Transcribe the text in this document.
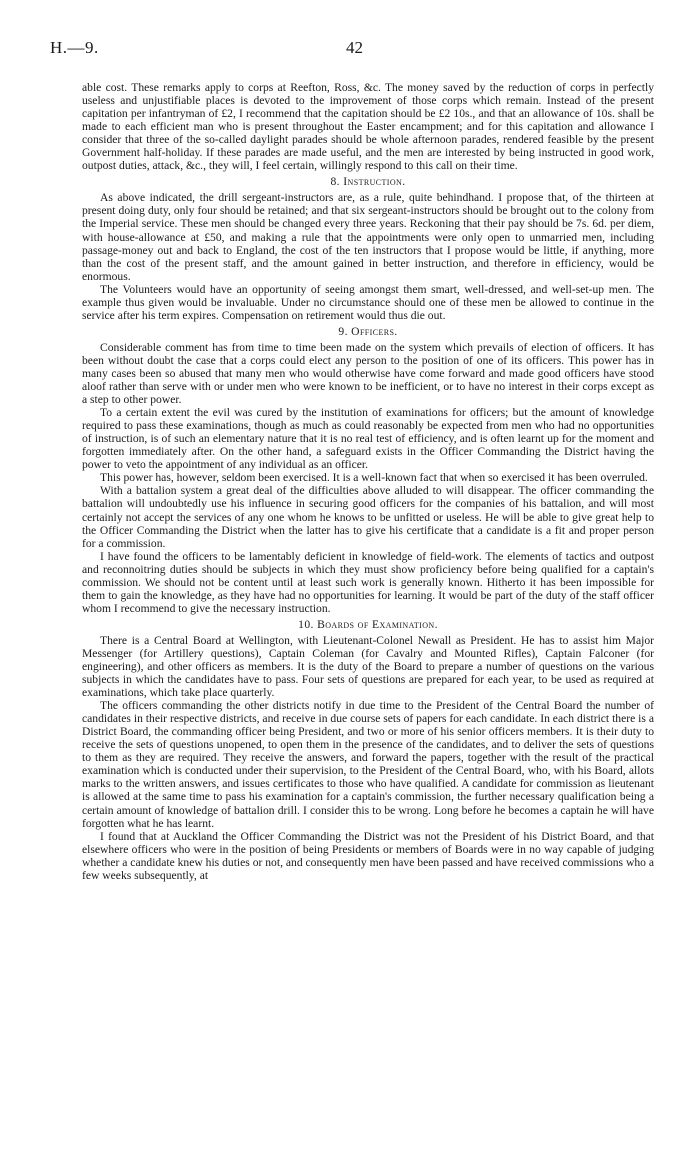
H.—9.	42

able cost. These remarks apply to corps at Reefton, Ross, &c. The money saved by the reduction of corps in perfectly useless and unjustifiable places is devoted to the improvement of those corps which remain. Instead of the present capitation per infantryman of £2, I recommend that the capitation should be £2 10s., and that an allowance of 10s. shall be made to each efficient man who is present throughout the Easter encampment; and for this capitation and allowance I consider that three of the so-called daylight parades should be whole afternoon parades, rendered feasible by the present Government half-holiday. If these parades are made useful, and the men are interested by being instructed in good work, outpost duties, attack, &c., they will, I feel certain, willingly respond to this call on their time.

8. Instruction.

As above indicated, the drill sergeant-instructors are, as a rule, quite behindhand. I propose that, of the thirteen at present doing duty, only four should be retained; and that six sergeant-instructors should be brought out to the colony from the Imperial service. These men should be changed every three years. Reckoning that their pay should be 7s. 6d. per diem, with house-allowance at £50, and making a rule that the appointments were only open to unmarried men, including passage-money out and back to England, the cost of the ten instructors that I propose would be little, if anything, more than the cost of the present staff, and the amount gained in better instruction, and therefore in efficiency, would be enormous.

The Volunteers would have an opportunity of seeing amongst them smart, well-dressed, and well-set-up men. The example thus given would be invaluable. Under no circumstance should one of these men be allowed to continue in the service after his term expires. Compensation on retirement would thus die out.

9. Officers.

Considerable comment has from time to time been made on the system which prevails of election of officers. It has been without doubt the case that a corps could elect any person to the position of one of its officers. This power has in many cases been so abused that many men who would otherwise have come forward and made good officers have stood aloof rather than serve with or under men who were known to be inefficient, or to have no interest in their corps except as a step to other power.

To a certain extent the evil was cured by the institution of examinations for officers; but the amount of knowledge required to pass these examinations, though as much as could reasonably be expected from men who had no opportunities of instruction, is of such an elementary nature that it is no real test of efficiency, and is often learnt up for the moment and forgotten immediately after. On the other hand, a safeguard exists in the Officer Commanding the District having the power to veto the appointment of any individual as an officer.

This power has, however, seldom been exercised. It is a well-known fact that when so exercised it has been overruled.

With a battalion system a great deal of the difficulties above alluded to will disappear. The officer commanding the battalion will undoubtedly use his influence in securing good officers for the companies of his battalion, and will most certainly not accept the services of any one whom he knows to be unfitted or useless. He will be able to give great help to the Officer Commanding the District when the latter has to give his certificate that a candidate is a fit and proper person for a commission.

I have found the officers to be lamentably deficient in knowledge of field-work. The elements of tactics and outpost and reconnoitring duties should be subjects in which they must show proficiency before being qualified for a captain's commission. We should not be content until at least such work is generally known. Hitherto it has been impossible for them to gain the knowledge, as they have had no opportunities for learning. It would be part of the duty of the staff officer whom I recommend to give the necessary instruction.

10. Boards of Examination.

There is a Central Board at Wellington, with Lieutenant-Colonel Newall as President. He has to assist him Major Messenger (for Artillery questions), Captain Coleman (for Cavalry and Mounted Rifles), Captain Falconer (for engineering), and other officers as members. It is the duty of the Board to prepare a number of questions on the various subjects in which the candidates have to pass. Four sets of questions are prepared for each year, to be used as required at examinations, which take place quarterly.

The officers commanding the other districts notify in due time to the President of the Central Board the number of candidates in their respective districts, and receive in due course sets of papers for each candidate. In each district there is a District Board, the commanding officer being President, and two or more of his senior officers members. It is their duty to receive the sets of questions unopened, to open them in the presence of the candidates, and to deliver the sets of questions to them as they are required. They receive the answers, and forward the papers, together with the result of the practical examination which is conducted under their supervision, to the President of the Central Board, who, with his Board, allots marks to the written answers, and issues certificates to those who have qualified. A candidate for commission as lieutenant is allowed at the same time to pass his examination for a captain's commission, the further necessary qualification being a certain amount of knowledge of battalion drill. I consider this to be wrong. Long before he becomes a captain he will have forgotten what he has learnt.

I found that at Auckland the Officer Commanding the District was not the President of his District Board, and that elsewhere officers who were in the position of being Presidents or members of Boards were in no way capable of judging whether a candidate knew his duties or not, and consequently men have been passed and have received commissions who a few weeks subsequently, at
